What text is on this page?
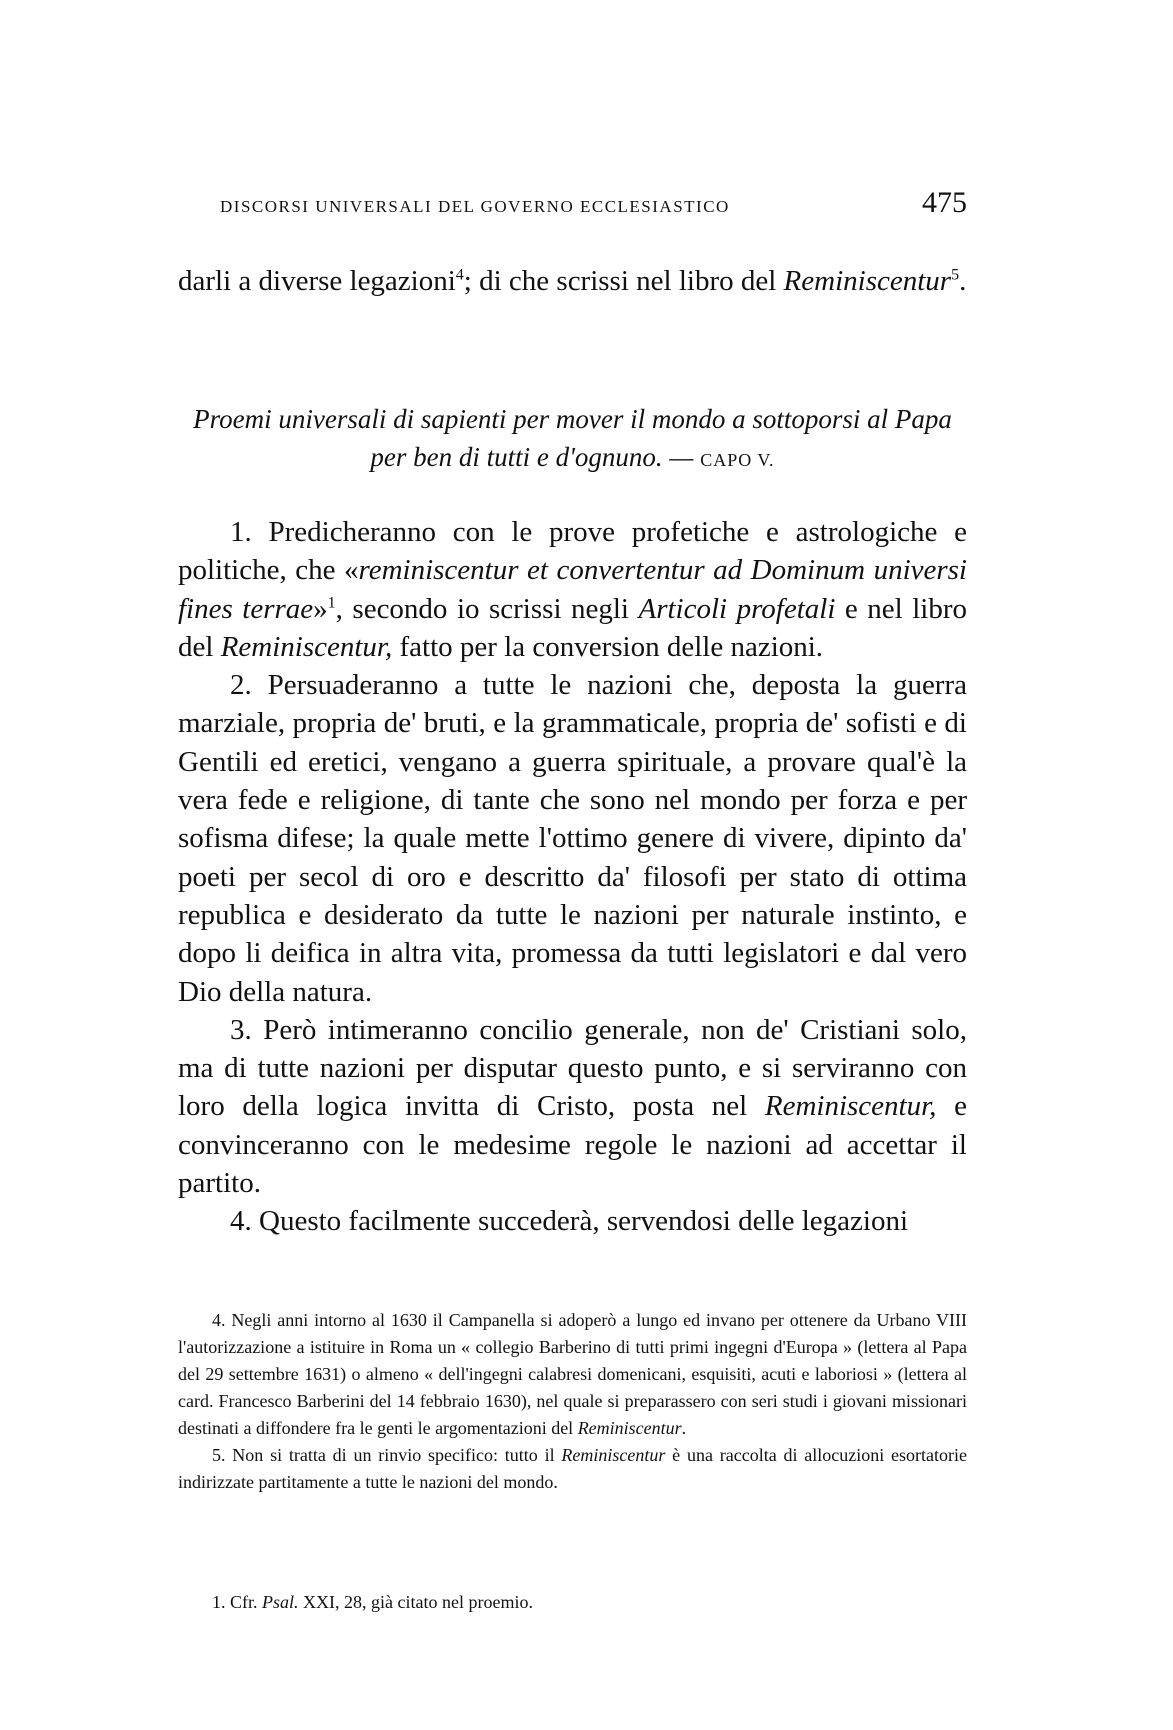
DISCORSI UNIVERSALI DEL GOVERNO ECCLESIASTICO	475
darli a diverse legazioni$^4$; di che scrissi nel libro del Reminiscentur$^5$.
Proemi universali di sapienti per mover il mondo a sottoporsi al Papa per ben di tutti e d'ognuno. — CAPO V.

1. Predicheranno con le prove profetiche e astrologiche e politiche, che «reminiscentur et convertentur ad Dominum universi fines terrae»$^1$, secondo io scrissi negli Articoli profetali e nel libro del Reminiscentur, fatto per la conversion delle nazioni.

2. Persuaderanno a tutte le nazioni che, deposta la guerra marziale, propria de' bruti, e la grammaticale, propria de' sofisti e di Gentili ed eretici, vengano a guerra spirituale, a provare qual'è la vera fede e religione, di tante che sono nel mondo per forza e per sofisma difese; la quale mette l'ottimo genere di vivere, dipinto da' poeti per secol di oro e descritto da' filosofi per stato di ottima republica e desiderato da tutte le nazioni per naturale instinto, e dopo li deifica in altra vita, promessa da tutti legislatori e dal vero Dio della natura.

3. Però intimeranno concilio generale, non de' Cristiani solo, ma di tutte nazioni per disputar questo punto, e si serviranno con loro della logica invitta di Cristo, posta nel Reminiscentur, e convinceranno con le medesime regole le nazioni ad accettar il partito.

4. Questo facilmente succederà, servendosi delle legazioni

4. Negli anni intorno al 1630 il Campanella si adoperò a lungo ed invano per ottenere da Urbano VIII l'autorizzazione a istituire in Roma un « collegio Barberino di tutti primi ingegni d'Europa » (lettera al Papa del 29 settembre 1631) o almeno « dell'ingegni calabresi domenicani, esquisiti, acuti e laboriosi » (lettera al card. Francesco Barberini del 14 febbraio 1630), nel quale si preparassero con seri studi i giovani missionari destinati a diffondere fra le genti le argomentazioni del Reminiscentur.

5. Non si tratta di un rinvio specifico: tutto il Reminiscentur è una raccolta di allocuzioni esortatorie indirizzate partitamente a tutte le nazioni del mondo.

1. Cfr. Psal. XXI, 28, già citato nel proemio.
